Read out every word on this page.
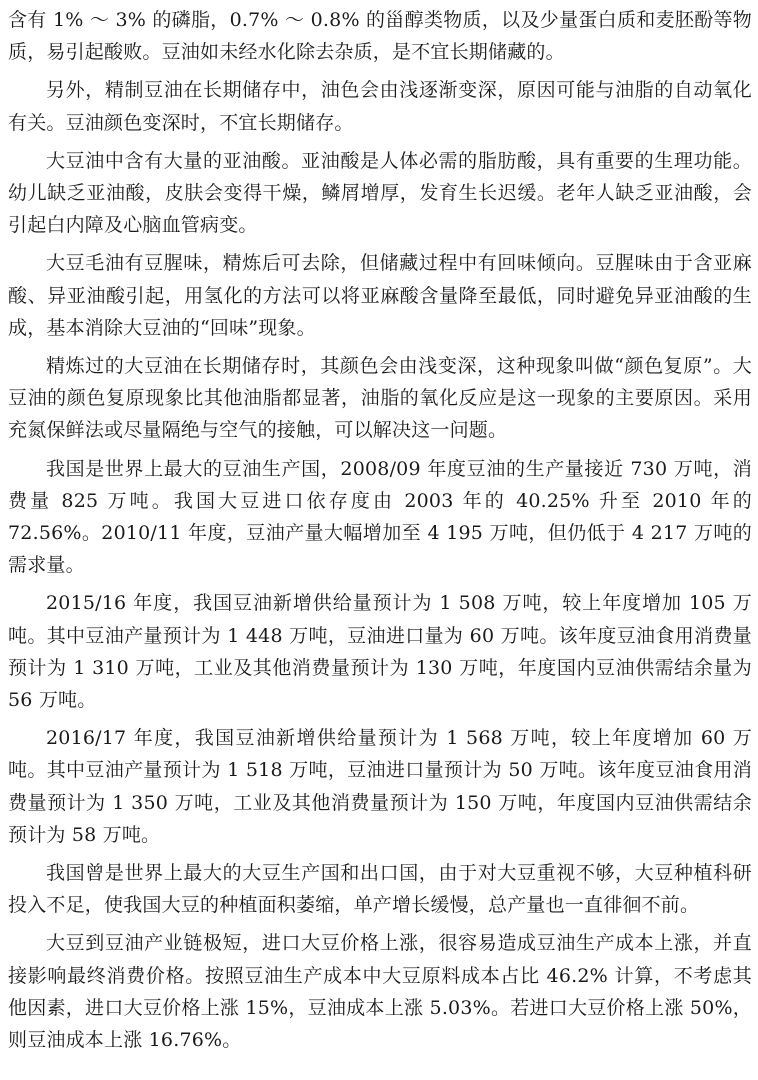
含有 1% ～ 3% 的磷脂，0.7% ～ 0.8% 的甾醇类物质，以及少量蛋白质和麦胚酚等物质，易引起酸败。豆油如未经水化除去杂质，是不宜长期储藏的。

另外，精制豆油在长期储存中，油色会由浅逐渐变深，原因可能与油脂的自动氧化有关。豆油颜色变深时，不宜长期储存。

大豆油中含有大量的亚油酸。亚油酸是人体必需的脂肪酸，具有重要的生理功能。幼儿缺乏亚油酸，皮肤会变得干燥，鳞屑增厚，发育生长迟缓。老年人缺乏亚油酸，会引起白内障及心脑血管病变。

大豆毛油有豆腥味，精炼后可去除，但储藏过程中有回味倾向。豆腥味由于含亚麻酸、异亚油酸引起，用氢化的方法可以将亚麻酸含量降至最低，同时避免异亚油酸的生成，基本消除大豆油的“回味”现象。

精炼过的大豆油在长期储存时，其颜色会由浅变深，这种现象叫做“颜色复原”。大豆油的颜色复原现象比其他油脂都显著，油脂的氧化反应是这一现象的主要原因。采用充氮保鲜法或尽量隔绝与空气的接触，可以解决这一问题。

我国是世界上最大的豆油生产国，2008/09 年度豆油的生产量接近 730 万吨，消费量 825 万吨。我国大豆进口依存度由 2003 年的 40.25% 升至 2010 年的 72.56%。2010/11 年度，豆油产量大幅增加至 4 195 万吨，但仍低于 4 217 万吨的需求量。

2015/16 年度，我国豆油新增供给量预计为 1 508 万吨，较上年度增加 105 万吨。其中豆油产量预计为 1 448 万吨，豆油进口量为 60 万吨。该年度豆油食用消费量预计为 1 310 万吨，工业及其他消费量预计为 130 万吨，年度国内豆油供需结余量为 56 万吨。

2016/17 年度，我国豆油新增供给量预计为 1 568 万吨，较上年度增加 60 万吨。其中豆油产量预计为 1 518 万吨，豆油进口量预计为 50 万吨。该年度豆油食用消费量预计为 1 350 万吨，工业及其他消费量预计为 150 万吨，年度国内豆油供需结余预计为 58 万吨。

我国曾是世界上最大的大豆生产国和出口国，由于对大豆重视不够，大豆种植科研投入不足，使我国大豆的种植面积萎缩，单产增长缓慢，总产量也一直徘徊不前。

大豆到豆油产业链极短，进口大豆价格上涨，很容易造成豆油生产成本上涨，并直接影响最终消费价格。按照豆油生产成本中大豆原料成本占比 46.2% 计算，不考虑其他因素，进口大豆价格上涨 15%，豆油成本上涨 5.03%。若进口大豆价格上涨 50%，则豆油成本上涨 16.76%。
